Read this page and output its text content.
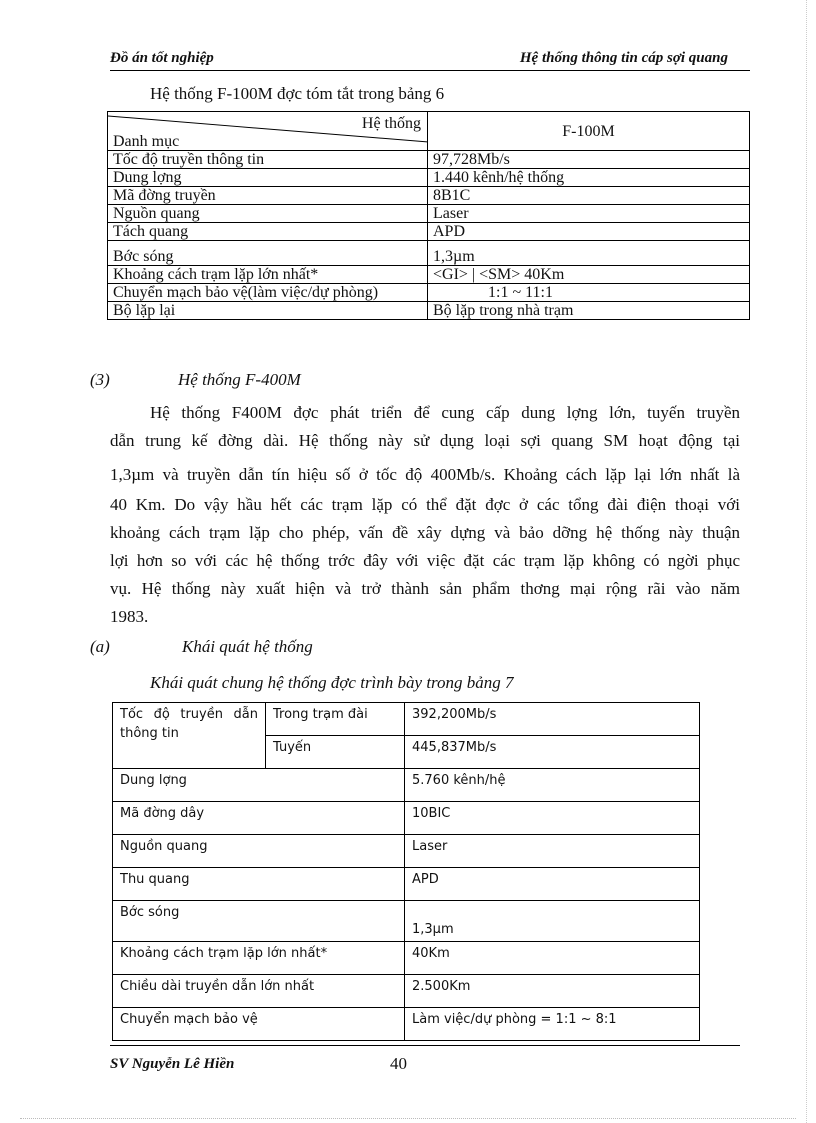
Đồ án tốt nghiệp	Hệ thống thông tin cáp sợi quang
Hệ thống F-100M đợc tóm tắt trong bảng 6
Hệ thống
Danh mục	F-100M
Tốc độ truyền thông tin	97,728Mb/s
Dung lợng	1.440 kênh/hệ thống
Mã đờng truyền	8B1C
Nguồn quang	Laser
Tách quang	APD
Bớc sóng	1,3µm
Khoảng cách trạm lặp lớn nhất*	<GI> | <SM> 40Km
Chuyển mạch bảo vệ(làm việc/dự phòng)	1:1 ~ 11:1
Bộ lặp lại	Bộ lặp trong nhà trạm
(3)	Hệ thống F-400M
Hệ thống F400M đợc phát triển để cung cấp dung lợng lớn, tuyến truyền
dẫn trung kế đờng dài. Hệ thống này sử dụng loại sợi quang SM hoạt động tại
1,3µm và truyền dẫn tín hiệu số ở tốc độ 400Mb/s. Khoảng cách lặp lại lớn nhất là
40 Km. Do vậy hầu hết các trạm lặp có thể đặt đợc ở các tổng đài điện thoại với
khoảng cách trạm lặp cho phép, vấn đề xây dựng và bảo dỡng hệ thống này thuận
lợi hơn so với các hệ thống trớc đây với việc đặt các trạm lặp không có ngời phục
vụ. Hệ thống này xuất hiện và trở thành sản phẩm thơng mại rộng rãi vào năm
1983.
(a)	Khái quát hệ thống
Khái quát chung hệ thống đợc trình bày trong bảng 7
Tốc độ truyền dẫn thông tin	Trong trạm đài	392,200Mb/s
	Tuyến	445,837Mb/s
Dung lợng		5.760 kênh/hệ
Mã đờng dây		10BIC
Nguồn quang		Laser
Thu quang		APD
Bớc sóng		1,3µm
Khoảng cách trạm lặp lớn nhất*		40Km
Chiều dài truyền dẫn lớn nhất		2.500Km
Chuyển mạch bảo vệ		Làm việc/dự phòng = 1:1 ~ 8:1
SV Nguyễn Lê Hiền	40
